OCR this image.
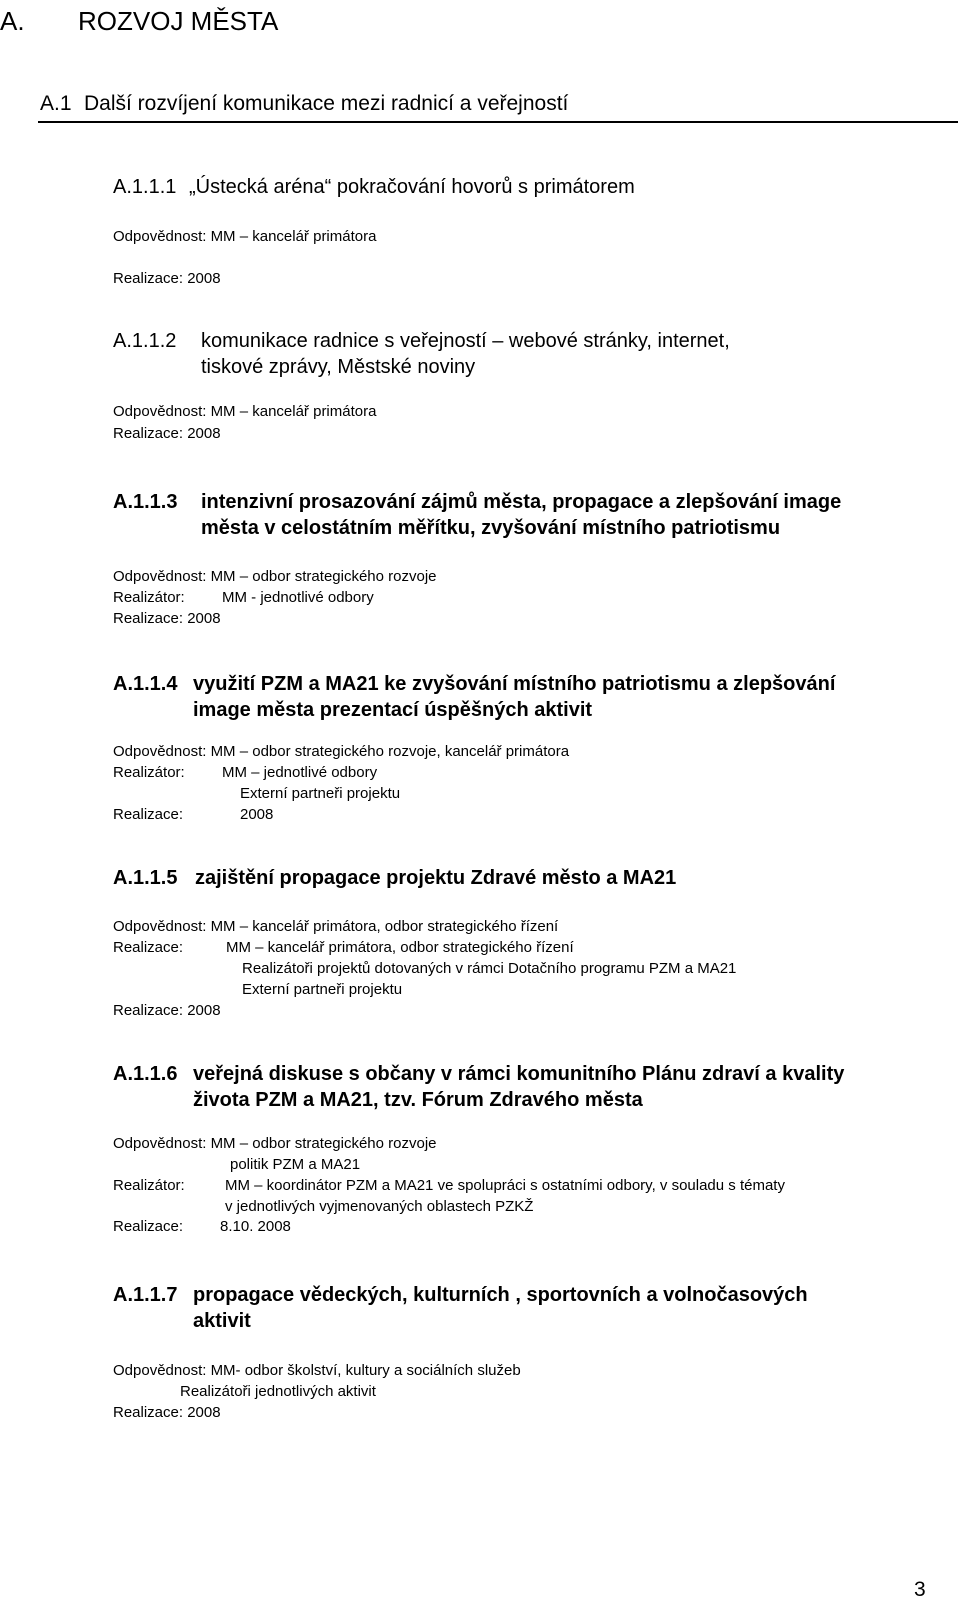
A. ROZVOJ MĚSTA
A.1 Další rozvíjení komunikace mezi radnicí a veřejností
A.1.1.1 „Ústecká aréna“ pokračování hovorů s primátorem
Odpovědnost: MM – kancelář primátora
Realizace: 2008
A.1.1.2 komunikace radnice s veřejností – webové stránky, internet,
tiskové zprávy, Městské noviny
Odpovědnost: MM – kancelář primátora
Realizace: 2008
A.1.1.3 intenzivní prosazování zájmů města, propagace a zlepšování image
města v celostátním měřítku, zvyšování místního patriotismu
Odpovědnost: MM – odbor strategického rozvoje
Realizátor: MM - jednotlivé odbory
Realizace: 2008
A.1.1.4 využití PZM a MA21 ke zvyšování místního patriotismu a zlepšování
image města prezentací úspěšných aktivit
Odpovědnost: MM – odbor strategického rozvoje, kancelář primátora
Realizátor: MM – jednotlivé odbory
Externí partneři projektu
Realizace:	2008
A.1.1.5 zajištění propagace projektu Zdravé město a MA21
Odpovědnost: MM – kancelář primátora, odbor strategického řízení
Realizace:	MM – kancelář primátora, odbor strategického řízení
Realizátoři projektů dotovaných v rámci Dotačního programu PZM a MA21
Externí partneři projektu
Realizace: 2008
A.1.1.6 veřejná diskuse s občany v rámci komunitního Plánu zdraví a kvality
života PZM a MA21, tzv. Fórum Zdravého města
Odpovědnost: MM – odbor strategického rozvoje
politik PZM a MA21
Realizátor:	MM – koordinátor PZM a MA21 ve spolupráci s ostatními odbory, v souladu s tématy
v jednotlivých vyjmenovaných oblastech PZKŽ
Realizace: 8.10. 2008
A.1.1.7 propagace vědeckých, kulturních , sportovních a volnočasových
aktivit
Odpovědnost: MM- odbor školství, kultury a sociálních služeb
Realizátoři jednotlivých aktivit
Realizace: 2008
3
